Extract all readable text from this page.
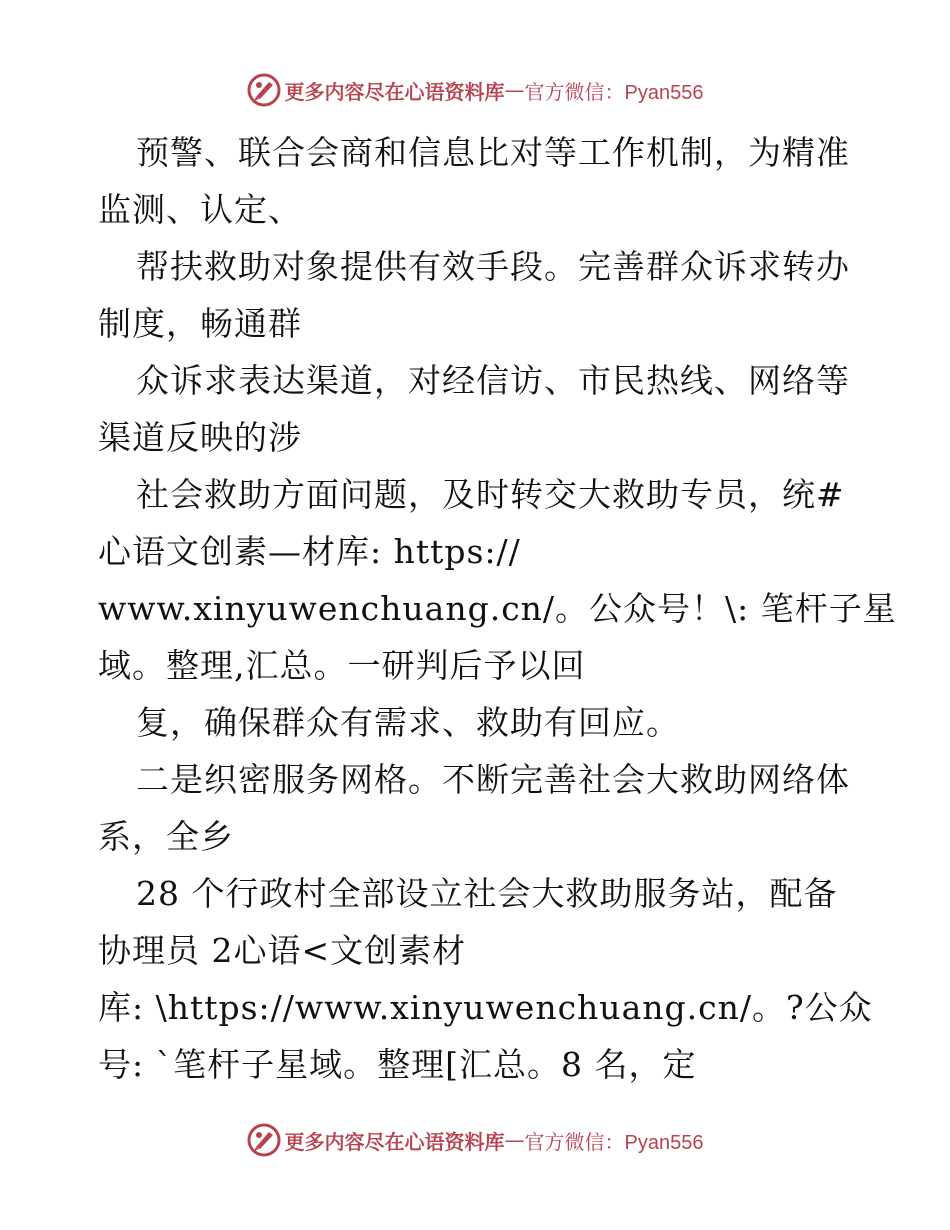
更多内容尽在心语资料库 — 官方微信：Pyan556
预警、联合会商和信息比对等工作机制，为精准
监测、认定、
帮扶救助对象提供有效手段。完善群众诉求转办
制度，畅通群
众诉求表达渠道，对经信访、市民热线、网络等
渠道反映的涉
社会救助方面问题，及时转交大救助专员，统#
心语文创素—材库: https://
www.xinyuwenchuang.cn/。公众号！\: 笔杆子星
域。整理,汇总。一研判后予以回
复，确保群众有需求、救助有回应。
二是织密服务网格。不断完善社会大救助网络体
系，全乡
28 个行政村全部设立社会大救助服务站，配备
协理员 2心语<文创素材
库: \https://www.xinyuwenchuang.cn/。?公众
号: `笔杆子星域。整理[汇总。8 名，定
更多内容尽在心语资料库 — 官方微信：Pyan556
